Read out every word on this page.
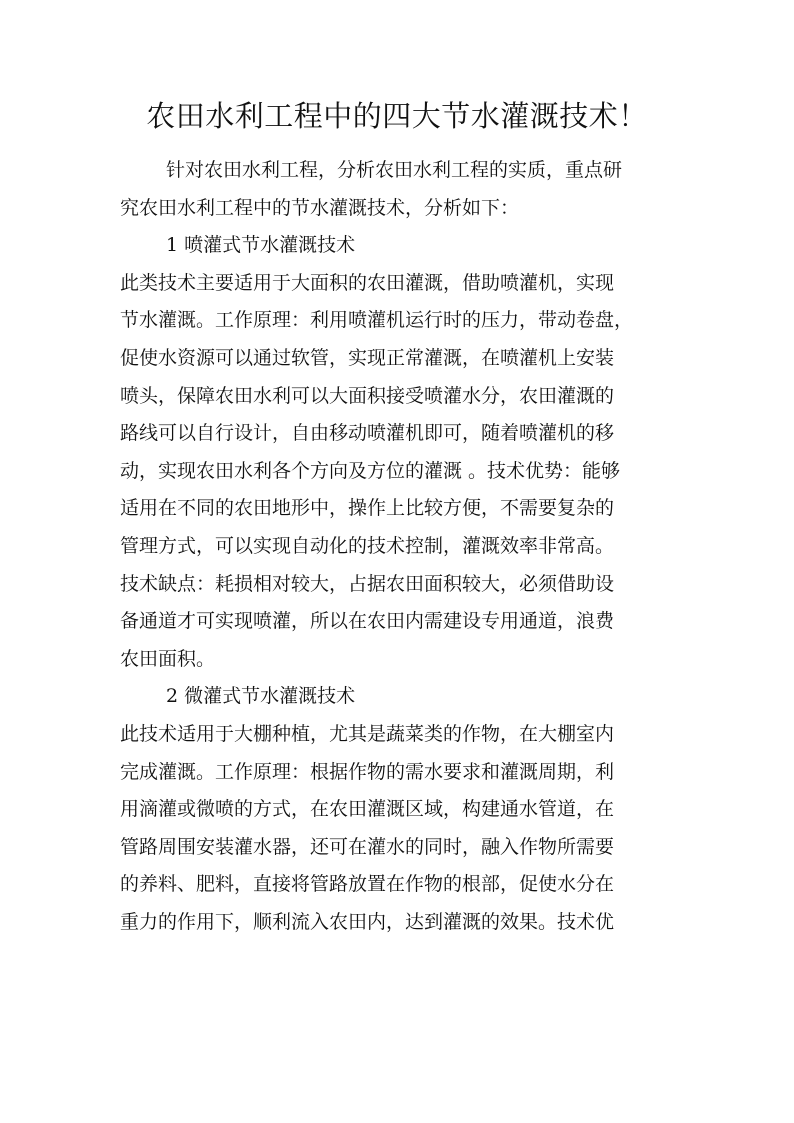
农田水利工程中的四大节水灌溉技术！
针对农田水利工程，分析农田水利工程的实质，重点研
究农田水利工程中的节水灌溉技术，分析如下：
1 喷灌式节水灌溉技术
此类技术主要适用于大面积的农田灌溉，借助喷灌机，实现
节水灌溉。工作原理：利用喷灌机运行时的压力，带动卷盘，
促使水资源可以通过软管，实现正常灌溉，在喷灌机上安装
喷头，保障农田水利可以大面积接受喷灌水分，农田灌溉的
路线可以自行设计，自由移动喷灌机即可，随着喷灌机的移
动，实现农田水利各个方向及方位的灌溉 。技术优势：能够
适用在不同的农田地形中，操作上比较方便，不需要复杂的
管理方式，可以实现自动化的技术控制，灌溉效率非常高。
技术缺点：耗损相对较大，占据农田面积较大，必须借助设
备通道才可实现喷灌，所以在农田内需建设专用通道，浪费
农田面积。
2 微灌式节水灌溉技术
此技术适用于大棚种植，尤其是蔬菜类的作物，在大棚室内
完成灌溉。工作原理：根据作物的需水要求和灌溉周期，利
用滴灌或微喷的方式，在农田灌溉区域，构建通水管道，在
管路周围安装灌水器，还可在灌水的同时，融入作物所需要
的养料、肥料，直接将管路放置在作物的根部，促使水分在
重力的作用下，顺利流入农田内，达到灌溉的效果。技术优
